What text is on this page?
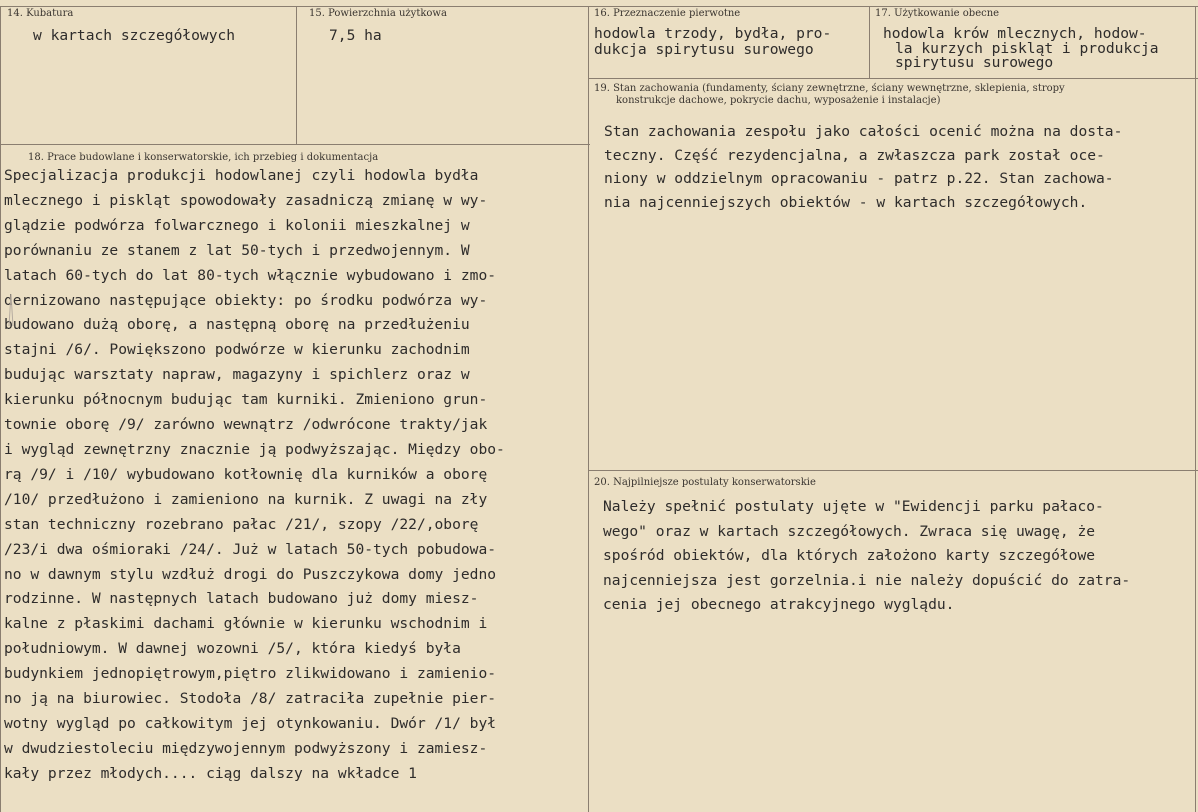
14. Kubatura
w kartach szczegółowych
15. Powierzchnia użytkowa
7,5 ha
16. Przeznaczenie pierwotne
hodowla trzody, bydła, pro-
dukcja spirytusu surowego
17. Użytkowanie obecne
hodowla krów mlecznych, hodow-
la kurzych piskląt i produkcja
spirytusu surowego
19. Stan zachowania (fundamenty, ściany zewnętrzne, ściany wewnętrzne, sklepienia, stropy
konstrukcje dachowe, pokrycie dachu, wyposażenie i instalacje)
Stan zachowania zespołu jako całości ocenić można na dosta-
teczny. Część rezydencjalna, a zwłaszcza park został oce-
niony w oddzielnym opracowaniu - patrz p.22. Stan zachowa-
nia najcenniejszych obiektów - w kartach szczegółowych.
18. Prace budowlane i konserwatorskie, ich przebieg i dokumentacja
Specjalizacja produkcji hodowlanej czyli hodowla bydła
mlecznego i piskląt spowodowały zasadniczą zmianę w wy-
glądzie podwórza folwarcznego i kolonii mieszkalnej w
porównaniu ze stanem z lat 50-tych i przedwojennym. W
latach 60-tych do lat 80-tych włącznie wybudowano i zmo-
dernizowano następujące obiekty: po środku podwórza wy-
budowano dużą oborę, a następną oborę na przedłużeniu
stajni /6/. Powiększono podwórze w kierunku zachodnim
budując warsztaty napraw, magazyny i spichlerz oraz w
kierunku północnym budując tam kurniki. Zmieniono grun-
townie oborę /9/ zarówno wewnątrz /odwrócone trakty/jak
i wygląd zewnętrzny znacznie ją podwyższając. Między obo-
rą /9/ i /10/ wybudowano kotłownię dla kurników a oborę
/10/ przedłużono i zamieniono na kurnik. Z uwagi na zły
stan techniczny rozebrano pałac /21/, szopy /22/,oborę
/23/i dwa ośmioraki /24/. Już w latach 50-tych pobudowa-
no w dawnym stylu wzdłuż drogi do Puszczykowa domy jedno
rodzinne. W następnych latach budowano już domy miesz-
kalne z płaskimi dachami głównie w kierunku wschodnim i
południowym. W dawnej wozowni /5/, która kiedyś była
budynkiem jednopiętrowym,piętro zlikwidowano i zamienio-
no ją na biurowiec. Stodoła /8/ zatraciła zupełnie pier-
wotny wygląd po całkowitym jej otynkowaniu. Dwór /1/ był
w dwudziestoleciu międzywojennym podwyższony i zamiesz-
kały przez młodych.... ciąg dalszy na wkładce 1
20. Najpilniejsze postulaty konserwatorskie
Należy spełnić postulaty ujęte w "Ewidencji parku pałaco-
wego" oraz w kartach szczegółowych. Zwraca się uwagę, że
spośród obiektów, dla których założono karty szczegółowe
najcenniejsza jest gorzelnia.i nie należy dopuścić do zatra-
cenia jej obecnego atrakcyjnego wyglądu.
